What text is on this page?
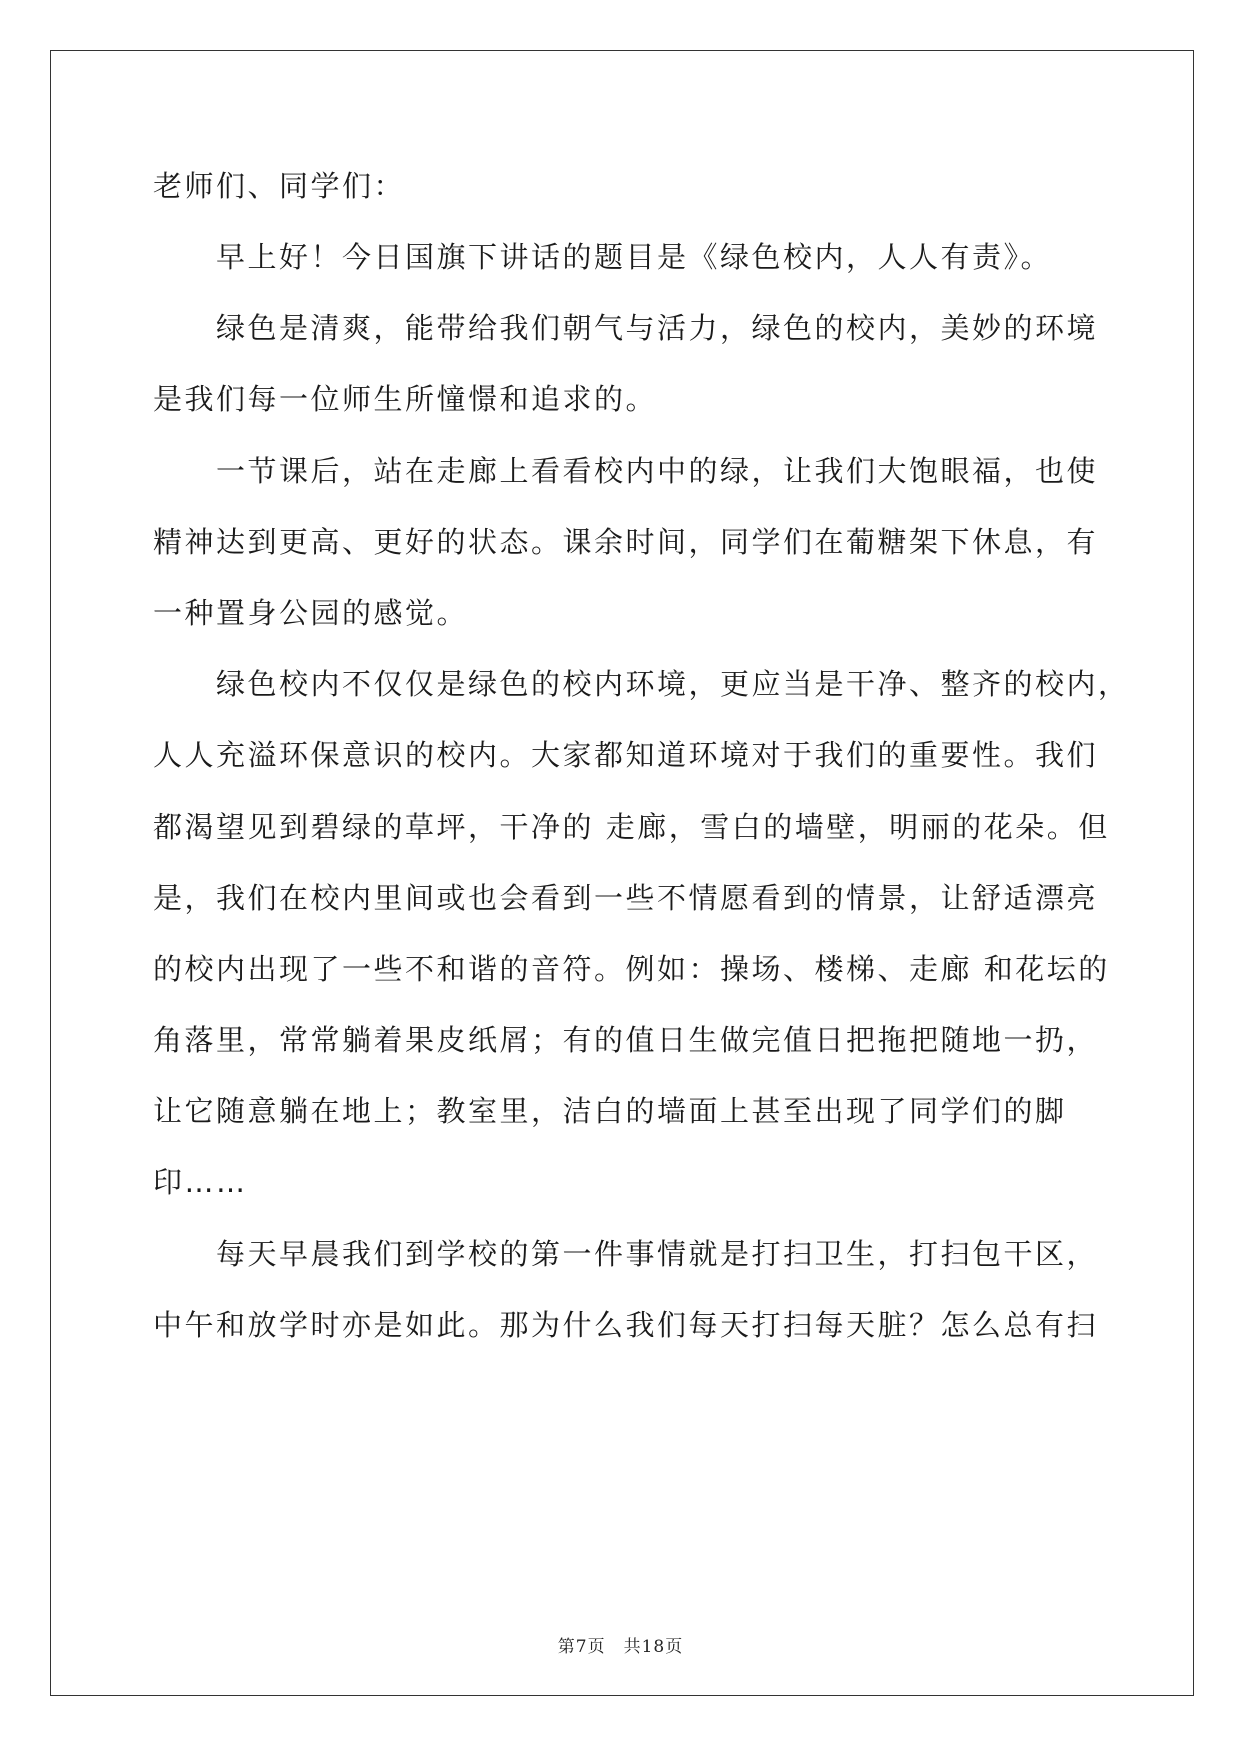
老师们、同学们：
早上好！今日国旗下讲话的题目是《绿色校内，人人有责》。
绿色是清爽，能带给我们朝气与活力，绿色的校内，美妙的环境
是我们每一位师生所憧憬和追求的。
一节课后，站在走廊上看看校内中的绿，让我们大饱眼福，也使
精神达到更高、更好的状态。课余时间，同学们在葡糖架下休息，有
一种置身公园的感觉。
绿色校内不仅仅是绿色的校内环境，更应当是干净、整齐的校内，
人人充溢环保意识的校内。大家都知道环境对于我们的重要性。我们
都渴望见到碧绿的草坪，干净的 走廊，雪白的墙壁，明丽的花朵。但
是，我们在校内里间或也会看到一些不情愿看到的情景，让舒适漂亮
的校内出现了一些不和谐的音符。例如：操场、楼梯、走廊 和花坛的
角落里，常常躺着果皮纸屑；有的值日生做完值日把拖把随地一扔，
让它随意躺在地上；教室里，洁白的墙面上甚至出现了同学们的脚
印……
每天早晨我们到学校的第一件事情就是打扫卫生，打扫包干区，
中午和放学时亦是如此。那为什么我们每天打扫每天脏？怎么总有扫
第7页　共18页
